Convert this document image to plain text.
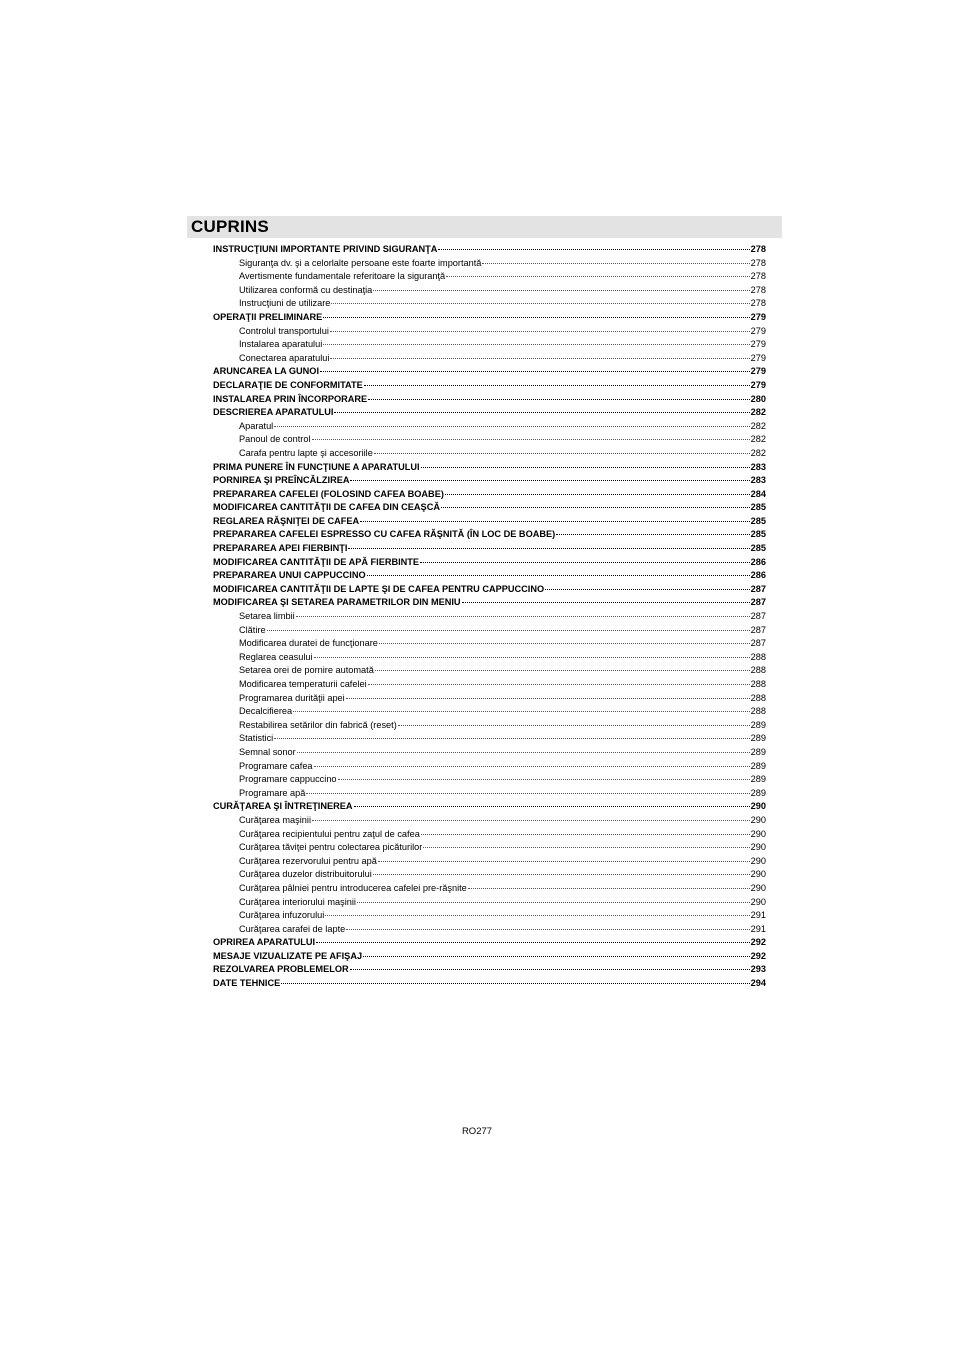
CUPRINS
INSTRUCŢIUNI IMPORTANTE PRIVIND SIGURANŢA	278
Siguranţa dv. şi a celorlalte persoane este foarte importantă	278
Avertismente fundamentale referitoare la siguranţă	278
Utilizarea conformă cu destinaţia	278
Instrucţiuni de utilizare	278
OPERAŢII PRELIMINARE	279
Controlul transportului	279
Instalarea aparatului	279
Conectarea aparatului	279
ARUNCAREA LA GUNOI	279
DECLARAŢIE DE CONFORMITATE	279
INSTALAREA PRIN ÎNCORPORARE	280
DESCRIEREA APARATULUI	282
Aparatul	282
Panoul de control	282
Carafa pentru lapte şi accesoriile	282
PRIMA PUNERE ÎN FUNCŢIUNE A APARATULUI	283
PORNIREA ŞI PREÎNCĂLZIREA	283
PREPARAREA CAFELEI (FOLOSIND CAFEA BOABE)	284
MODIFICAREA CANTITĂŢII DE CAFEA DIN CEAŞCĂ	285
REGLAREA RĂŞNIŢEI DE CAFEA	285
PREPARAREA CAFELEI ESPRESSO CU CAFEA RĂŞNITĂ (ÎN LOC DE BOABE)	285
PREPARAREA APEI FIERBINŢI	285
MODIFICAREA CANTITĂŢII DE APĂ FIERBINTE	286
PREPARAREA UNUI CAPPUCCINO	286
MODIFICAREA CANTITĂŢII DE LAPTE ŞI DE CAFEA PENTRU CAPPUCCINO	287
MODIFICAREA ŞI SETAREA PARAMETRILOR DIN MENIU	287
Setarea limbii	287
Clătire	287
Modificarea duratei de funcţionare	287
Reglarea ceasului	288
Setarea orei de pornire automată	288
Modificarea temperaturii cafelei	288
Programarea durităţii apei	288
Decalcifierea	288
Restabilirea setărilor din fabrică (reset)	289
Statistici	289
Semnal sonor	289
Programare cafea	289
Programare cappuccino	289
Programare apă	289
CURĂŢAREA ŞI ÎNTREŢINEREA	290
Curăţarea maşinii	290
Curăţarea recipientului pentru zaţul de cafea	290
Curăţarea tăviţei pentru colectarea picăturilor	290
Curăţarea rezervorului pentru apă	290
Curăţarea duzelor distribuitorului	290
Curăţarea pâlniei pentru introducerea cafelei pre-răşnite	290
Curăţarea interiorului maşinii	290
Curăţarea infuzorului	291
Curăţarea carafei de lapte	291
OPRIREA APARATULUI	292
MESAJE VIZUALIZATE PE AFIŞAJ	292
REZOLVAREA PROBLEMELOR	293
DATE TEHNICE	294
RO277
